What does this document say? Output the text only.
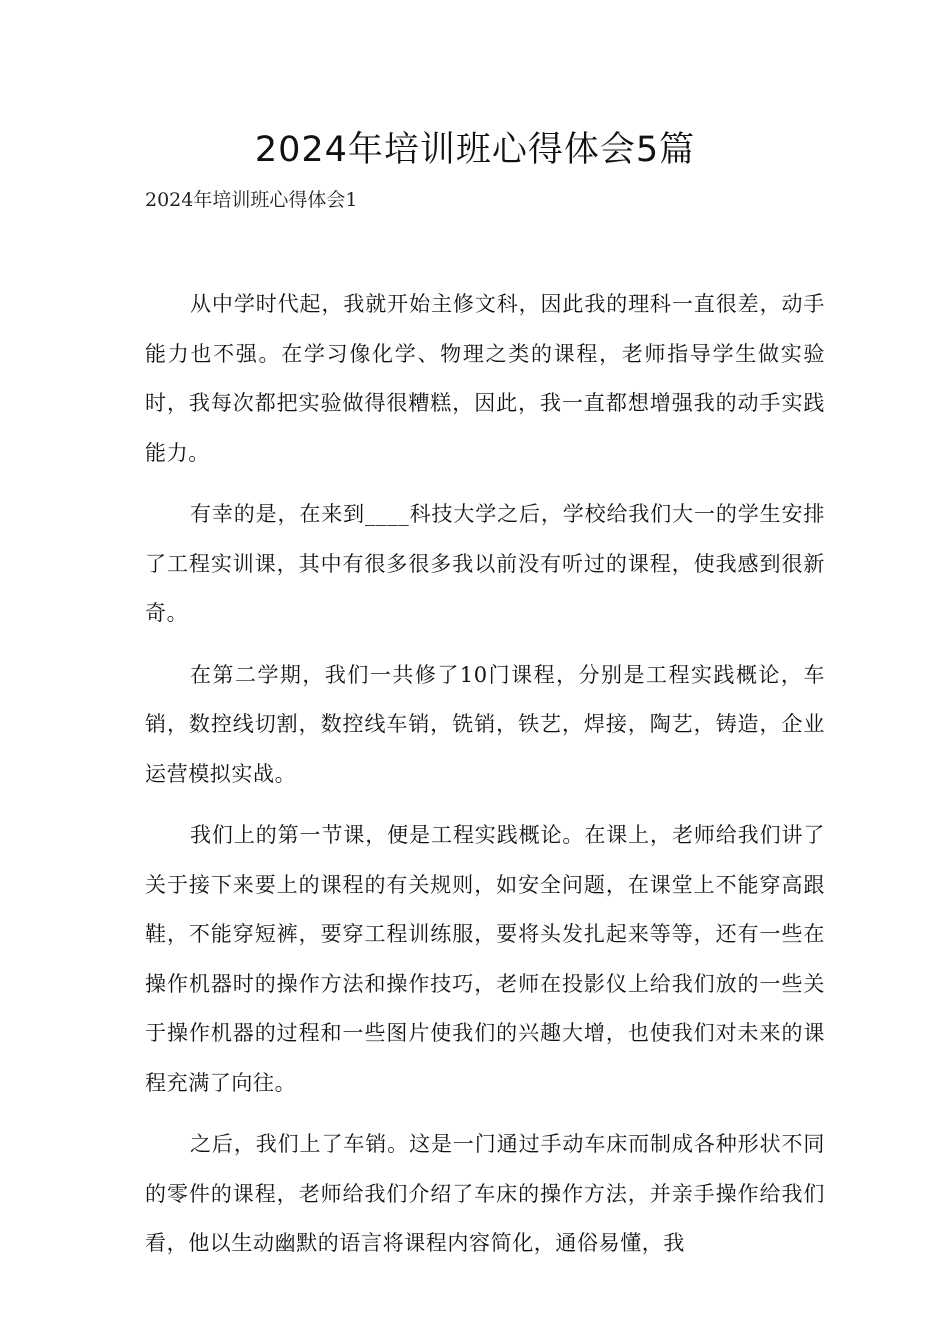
2024年培训班心得体会5篇

2024年培训班心得体会1

从中学时代起，我就开始主修文科，因此我的理科一直很差，动手能力也不强。在学习像化学、物理之类的课程，老师指导学生做实验时，我每次都把实验做得很糟糕，因此，我一直都想增强我的动手实践能力。

有幸的是，在来到____科技大学之后，学校给我们大一的学生安排了工程实训课，其中有很多很多我以前没有听过的课程，使我感到很新奇。

在第二学期，我们一共修了10门课程，分别是工程实践概论，车销，数控线切割，数控线车销，铣销，铁艺，焊接，陶艺，铸造，企业运营模拟实战。

我们上的第一节课，便是工程实践概论。在课上，老师给我们讲了关于接下来要上的课程的有关规则，如安全问题，在课堂上不能穿高跟鞋，不能穿短裤，要穿工程训练服，要将头发扎起来等等，还有一些在操作机器时的操作方法和操作技巧，老师在投影仪上给我们放的一些关于操作机器的过程和一些图片使我们的兴趣大增，也使我们对未来的课程充满了向往。

之后，我们上了车销。这是一门通过手动车床而制成各种形状不同的零件的课程，老师给我们介绍了车床的操作方法，并亲手操作给我们看，他以生动幽默的语言将课程内容简化，通俗易懂，我
